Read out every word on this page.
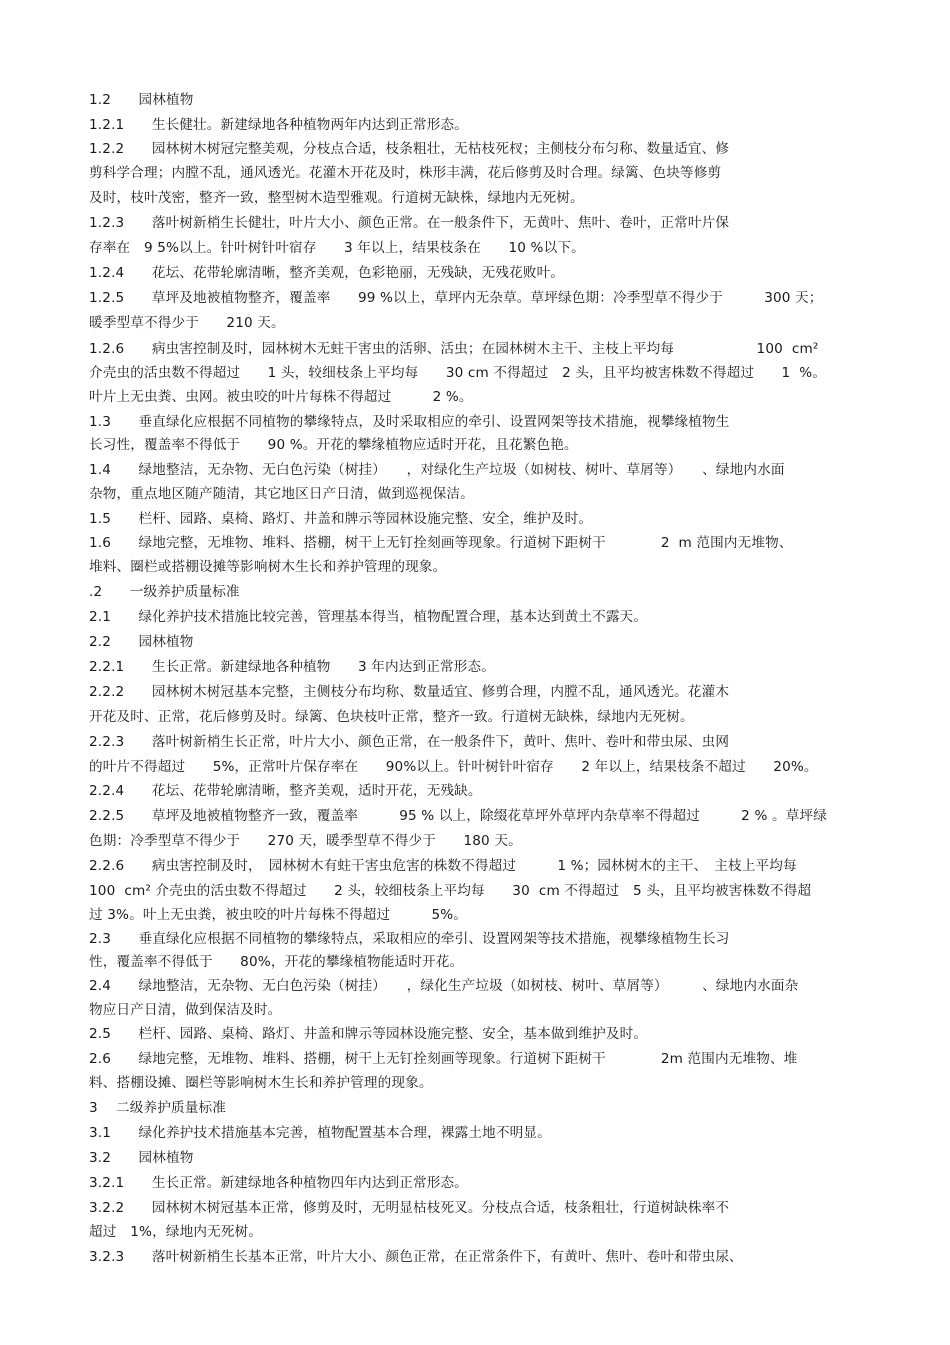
1.2　　园林植物
1.2.1　　生长健壮。新建绿地各种植物两年内达到正常形态。
1.2.2　　园林树木树冠完整美观，分枝点合适，枝条粗壮，无枯枝死杈；主侧枝分布匀称、数量适宜、修
剪科学合理；内膛不乱，通风透光。花灌木开花及时，株形丰满，花后修剪及时合理。绿篱、色块等修剪
及时，枝叶茂密，整齐一致，整型树木造型雅观。行道树无缺株，绿地内无死树。
1.2.3　　落叶树新梢生长健壮，叶片大小、颜色正常。在一般条件下，无黄叶、焦叶、卷叶，正常叶片保
存率在　9 5%以上。针叶树针叶宿存　　3 年以上，结果枝条在　　10 %以下。
1.2.4　　花坛、花带轮廓清晰，整齐美观，色彩艳丽，无残缺，无残花败叶。
1.2.5　　草坪及地被植物整齐，覆盖率　　99 %以上，草坪内无杂草。草坪绿色期：冷季型草不得少于　　　300 天；
暖季型草不得少于　　210 天。
1.2.6　　病虫害控制及时，园林树木无蛀干害虫的活卵、活虫；在园林树木主干、主枝上平均每　　　　　　100  cm²
介壳虫的活虫数不得超过　　1 头，较细枝条上平均每　　30 cm 不得超过　2 头，且平均被害株数不得超过　　1  %。
叶片上无虫粪、虫网。被虫咬的叶片每株不得超过　　　2 %。
1.3　　垂直绿化应根据不同植物的攀缘特点，及时采取相应的牵引、设置网架等技术措施，视攀缘植物生
长习性，覆盖率不得低于　　90 %。开花的攀缘植物应适时开花，且花繁色艳。
1.4　　绿地整洁，无杂物、无白色污染（树挂）　　，对绿化生产垃圾（如树枝、树叶、草屑等）　　、绿地内水面
杂物，重点地区随产随清，其它地区日产日清，做到巡视保洁。
1.5　　栏杆、园路、桌椅、路灯、井盖和牌示等园林设施完整、安全，维护及时。
1.6　　绿地完整，无堆物、堆料、搭棚，树干上无钉拴刻画等现象。行道树下距树干　　　　2  m 范围内无堆物、
堆料、圈栏或搭棚设摊等影响树木生长和养护管理的现象。
.2　　一级养护质量标准
2.1　　绿化养护技术措施比较完善，管理基本得当，植物配置合理，基本达到黄土不露天。
2.2　　园林植物
2.2.1　　生长正常。新建绿地各种植物　　3 年内达到正常形态。
2.2.2　　园林树木树冠基本完整，主侧枝分布均称、数量适宜、修剪合理，内膛不乱，通风透光。花灌木
开花及时、正常，花后修剪及时。绿篱、色块枝叶正常，整齐一致。行道树无缺株，绿地内无死树。
2.2.3　　落叶树新梢生长正常，叶片大小、颜色正常，在一般条件下，黄叶、焦叶、卷叶和带虫尿、虫网
的叶片不得超过　　5%，正常叶片保存率在　　90%以上。针叶树针叶宿存　　2 年以上，结果枝条不超过　　20%。
2.2.4　　花坛、花带轮廓清晰，整齐美观，适时开花，无残缺。
2.2.5　　草坪及地被植物整齐一致，覆盖率　　　95 % 以上，除缀花草坪外草坪内杂草率不得超过　　　2 % 。草坪绿
色期：冷季型草不得少于　　270 天，暖季型草不得少于　　180 天。
2.2.6　　病虫害控制及时，　园林树木有蛀干害虫危害的株数不得超过　　　1 %；园林树木的主干、　主枝上平均每
100  cm² 介壳虫的活虫数不得超过　　2 头，较细枝条上平均每　　30  cm 不得超过　5 头，且平均被害株数不得超
过 3%。叶上无虫粪，被虫咬的叶片每株不得超过　　　5%。
2.3　　垂直绿化应根据不同植物的攀缘特点，采取相应的牵引、设置网架等技术措施，视攀缘植物生长习
性，覆盖率不得低于　　80%，开花的攀缘植物能适时开花。
2.4　　绿地整洁，无杂物、无白色污染（树挂）　　，绿化生产垃圾（如树枝、树叶、草屑等）　　　、绿地内水面杂
物应日产日清，做到保洁及时。
2.5　　栏杆、园路、桌椅、路灯、井盖和牌示等园林设施完整、安全，基本做到维护及时。
2.6　　绿地完整，无堆物、堆料、搭棚，树干上无钉拴刻画等现象。行道树下距树干　　　　2m 范围内无堆物、堆
料、搭棚设摊、圈栏等影响树木生长和养护管理的现象。
3　 二级养护质量标准
3.1　　绿化养护技术措施基本完善，植物配置基本合理，裸露土地不明显。
3.2　　园林植物
3.2.1　　生长正常。新建绿地各种植物四年内达到正常形态。
3.2.2　　园林树木树冠基本正常，修剪及时，无明显枯枝死叉。分枝点合适，枝条粗壮，行道树缺株率不
超过　1%，绿地内无死树。
3.2.3　　落叶树新梢生长基本正常，叶片大小、颜色正常，在正常条件下，有黄叶、焦叶、卷叶和带虫尿、
